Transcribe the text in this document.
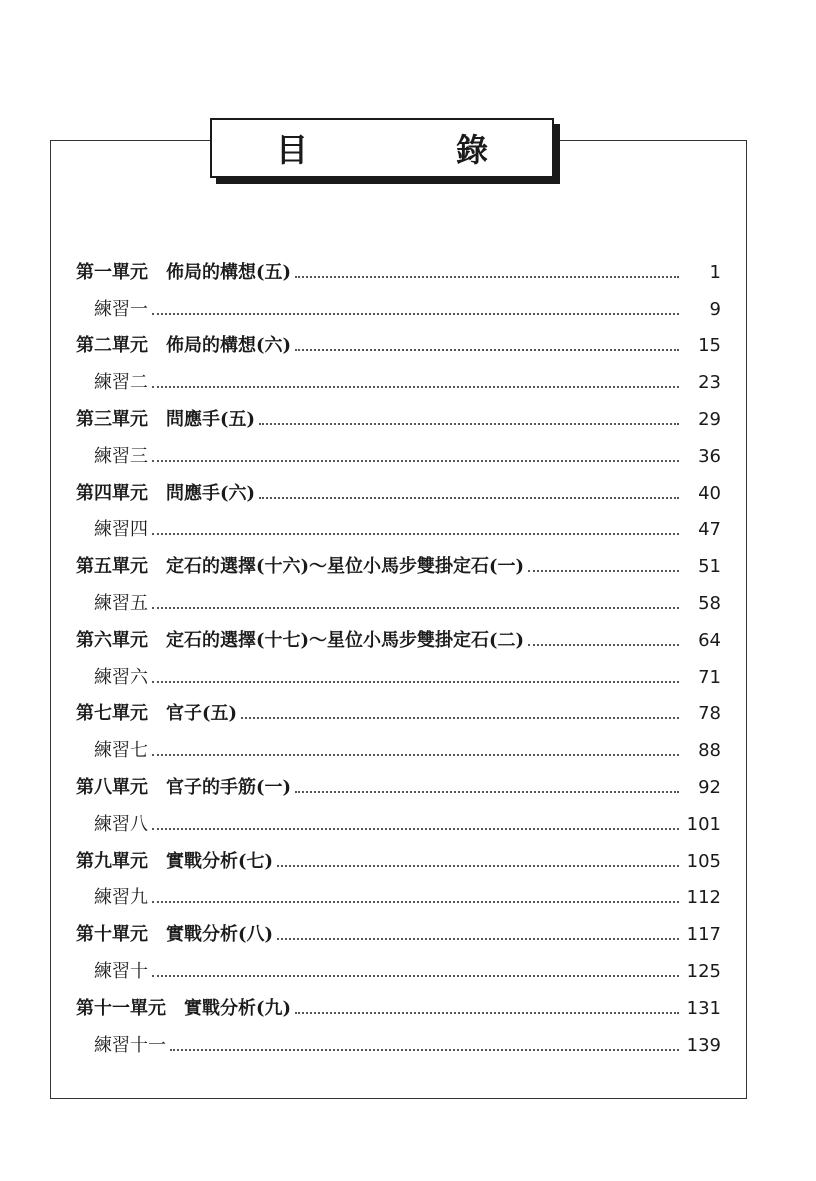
目　錄
第一單元　佈局的構想(五)	1
練習一	9
第二單元　佈局的構想(六)	15
練習二	23
第三單元　問應手(五)	29
練習三	36
第四單元　問應手(六)	40
練習四	47
第五單元　定石的選擇(十六)～星位小馬步雙掛定石(一)	51
練習五	58
第六單元　定石的選擇(十七)～星位小馬步雙掛定石(二)	64
練習六	71
第七單元　官子(五)	78
練習七	88
第八單元　官子的手筋(一)	92
練習八	101
第九單元　實戰分析(七)	105
練習九	112
第十單元　實戰分析(八)	117
練習十	125
第十一單元　實戰分析(九)	131
練習十一	139
